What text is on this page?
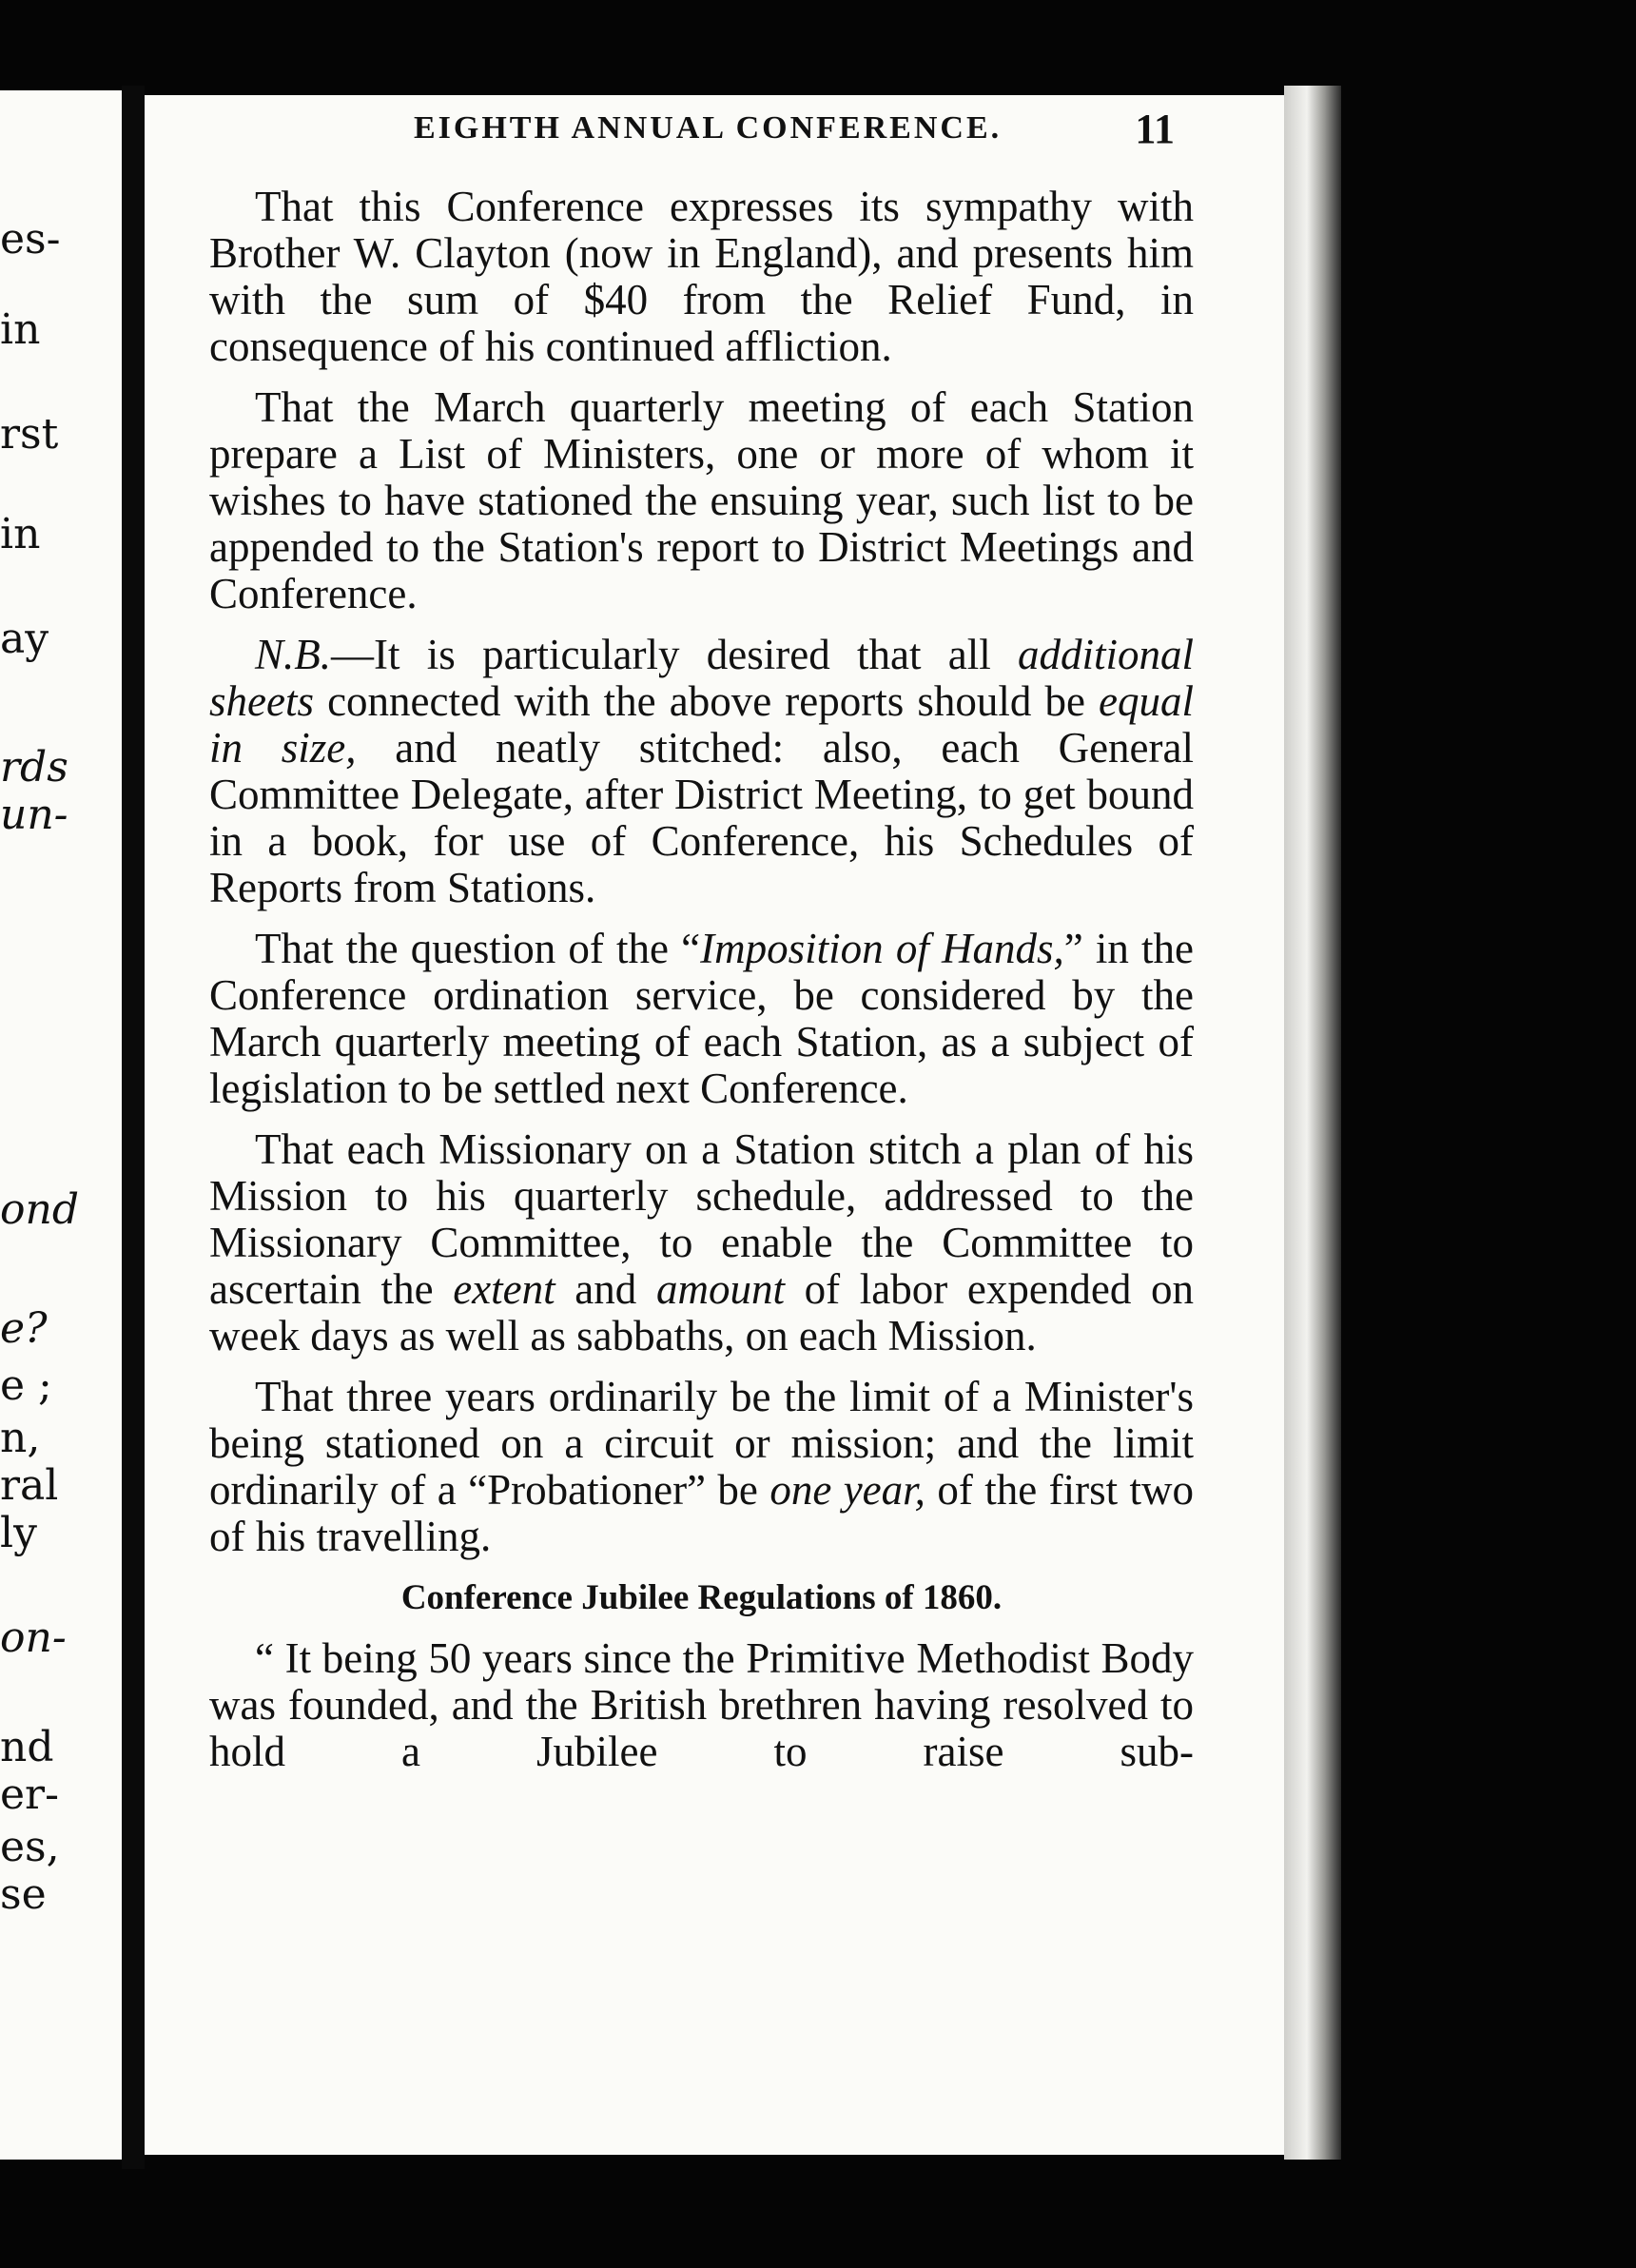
es-
in
rst
in
ay
rds
un-
ond
e?
e ;
n,
ral
ly
on-
nd
er-
es,
se
EIGHTH ANNUAL CONFERENCE.	11

That this Conference expresses its sympathy with Brother W. Clayton (now in England), and presents him with the sum of $40 from the Relief Fund, in consequence of his continued affliction.

That the March quarterly meeting of each Station prepare a List of Ministers, one or more of whom it wishes to have stationed the ensuing year, such list to be appended to the Station's report to District Meetings and Conference.

N.B.—It is particularly desired that all additional sheets connected with the above reports should be equal in size, and neatly stitched: also, each General Committee Delegate, after District Meeting, to get bound in a book, for use of Conference, his Schedules of Reports from Stations.

That the question of the “Imposition of Hands,” in the Conference ordination service, be considered by the March quarterly meeting of each Station, as a subject of legislation to be settled next Conference.

That each Missionary on a Station stitch a plan of his Mission to his quarterly schedule, addressed to the Missionary Committee, to enable the Committee to ascertain the extent and amount of labor expended on week days as well as sabbaths, on each Mission.

That three years ordinarily be the limit of a Minister's being stationed on a circuit or mission; and the limit ordinarily of a “Probationer” be one year, of the first two of his travelling.

Conference Jubilee Regulations of 1860.

“ It being 50 years since the Primitive Methodist Body was founded, and the British brethren having resolved to hold a Jubilee to raise sub-
